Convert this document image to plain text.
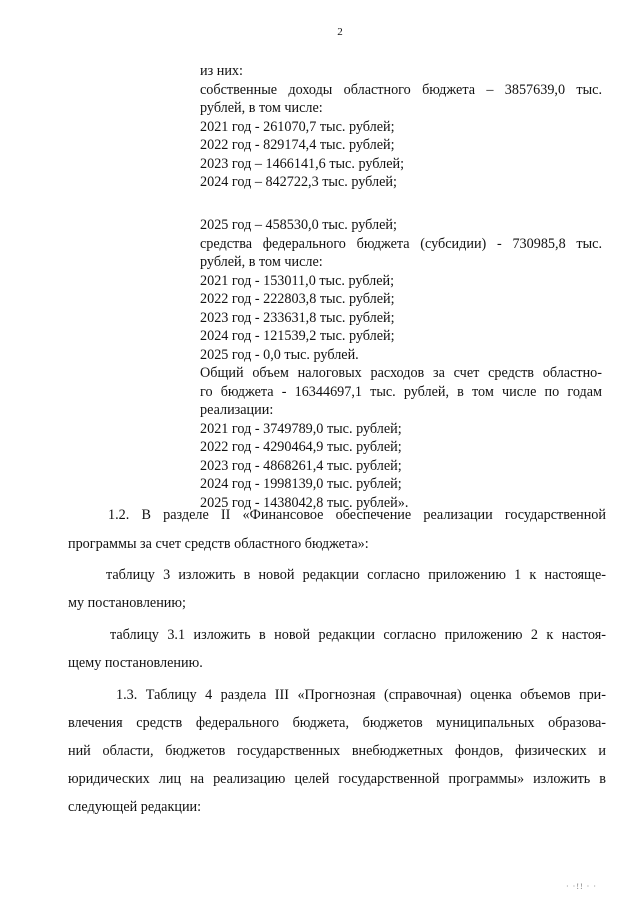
2
из них:
собственные доходы областного бюджета – 3857639,0 тыс.
рублей, в том числе:
2021 год - 261070,7 тыс. рублей;
2022 год - 829174,4 тыс. рублей;
2023 год – 1466141,6 тыс. рублей;
2024 год – 842722,3 тыс. рублей;
2025 год – 458530,0 тыс. рублей;
средства федерального бюджета (субсидии) - 730985,8 тыс.
рублей, в том числе:
2021 год - 153011,0 тыс. рублей;
2022 год - 222803,8 тыс. рублей;
2023 год - 233631,8 тыс. рублей;
2024 год - 121539,2 тыс. рублей;
2025 год - 0,0 тыс. рублей.
Общий объем налоговых расходов за счет средств областно-
го бюджета - 16344697,1 тыс. рублей, в том числе по годам
реализации:
2021 год - 3749789,0 тыс. рублей;
2022 год - 4290464,9 тыс. рублей;
2023 год - 4868261,4 тыс. рублей;
2024 год - 1998139,0 тыс. рублей;
2025 год - 1438042,8 тыс. рублей».
1.2. В разделе II «Финансовое обеспечение реализации государственной
программы за счет средств областного бюджета»:
таблицу 3 изложить в новой редакции согласно приложению 1 к настояще-
му постановлению;
таблицу 3.1 изложить в новой редакции согласно приложению 2 к настоя-
щему постановлению.
1.3. Таблицу 4 раздела III «Прогнозная (справочная) оценка объемов при-
влечения средств федерального бюджета, бюджетов муниципальных образова-
ний области, бюджетов государственных внебюджетных фондов, физических и
юридических лиц на реализацию целей государственной программы» изложить в
следующей редакции:
· ·!! · ·
